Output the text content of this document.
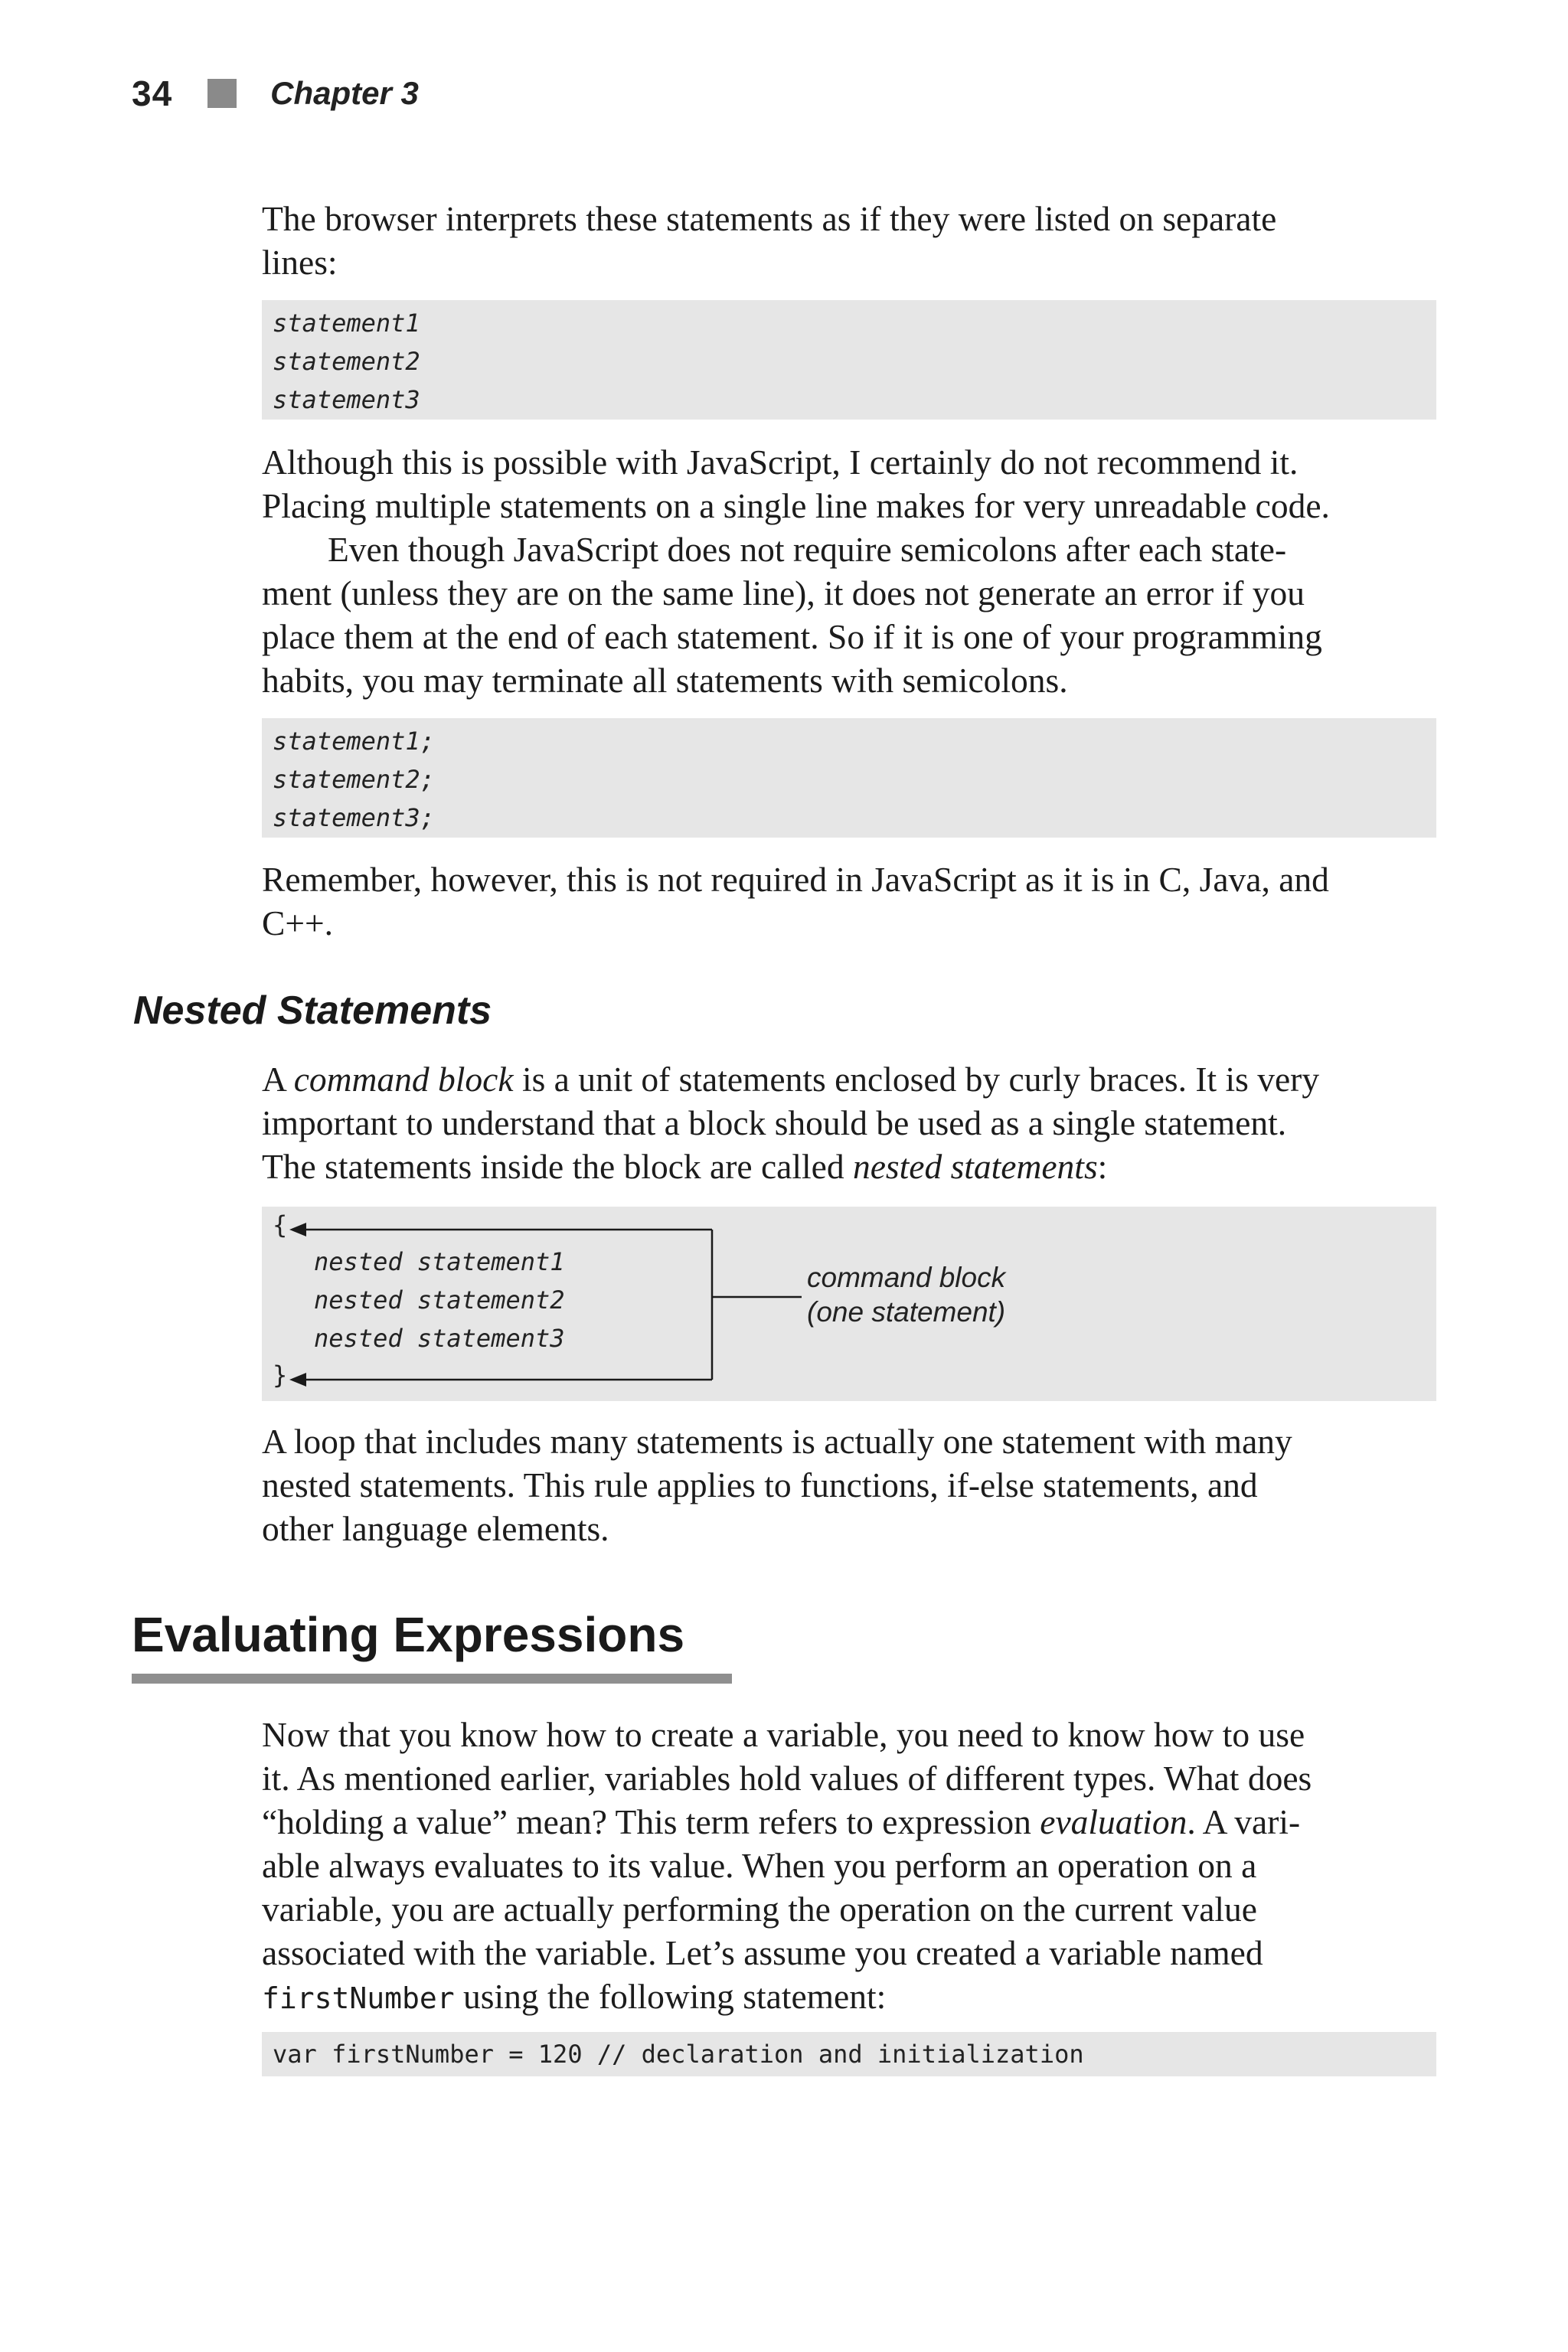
34	Chapter 3

The browser interprets these statements as if they were listed on separate
lines:

statement1
statement2
statement3

Although this is possible with JavaScript, I certainly do not recommend it.
Placing multiple statements on a single line makes for very unreadable code.

Even though JavaScript does not require semicolons after each state-
ment (unless they are on the same line), it does not generate an error if you
place them at the end of each statement. So if it is one of your programming
habits, you may terminate all statements with semicolons.

statement1;
statement2;
statement3;

Remember, however, this is not required in JavaScript as it is in C, Java, and
C++.

Nested Statements

A command block is a unit of statements enclosed by curly braces. It is very
important to understand that a block should be used as a single statement.
The statements inside the block are called nested statements:

{
nested statement1
nested statement2
nested statement3
}
command block
(one statement)

A loop that includes many statements is actually one statement with many
nested statements. This rule applies to functions, if-else statements, and
other language elements.

Evaluating Expressions

Now that you know how to create a variable, you need to know how to use
it. As mentioned earlier, variables hold values of different types. What does
“holding a value” mean? This term refers to expression evaluation. A vari-
able always evaluates to its value. When you perform an operation on a
variable, you are actually performing the operation on the current value
associated with the variable. Let’s assume you created a variable named
firstNumber using the following statement:

var firstNumber = 120 // declaration and initialization
